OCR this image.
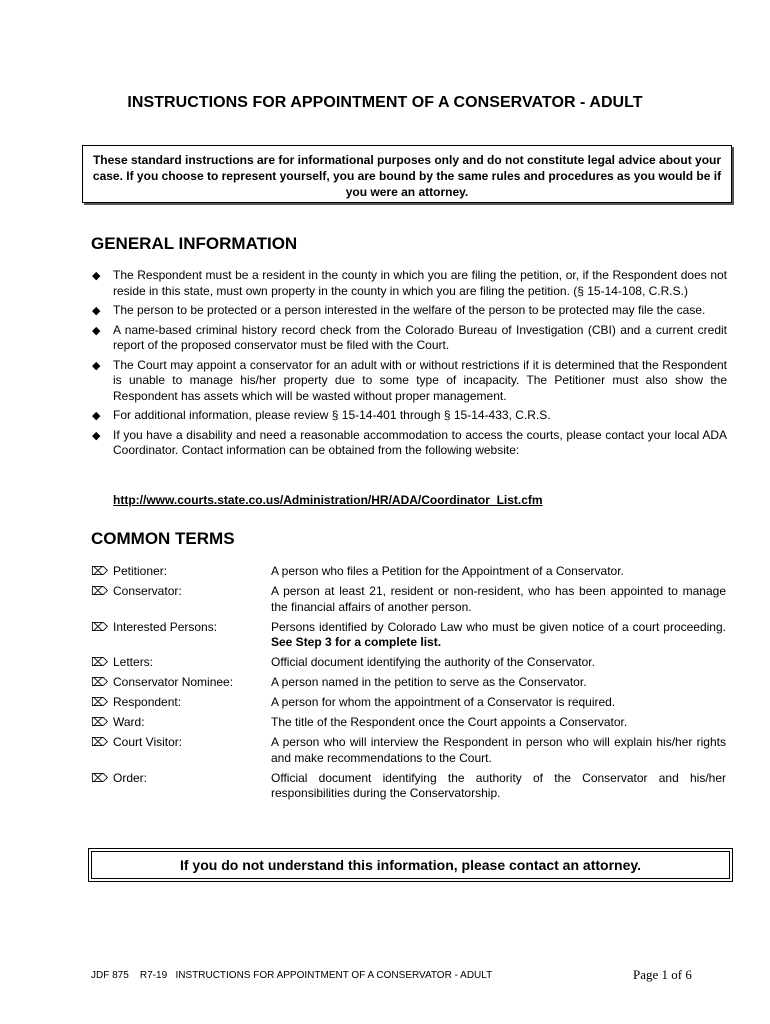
INSTRUCTIONS FOR APPOINTMENT OF A CONSERVATOR - ADULT
These standard instructions are for informational purposes only and do not constitute legal advice about your case. If you choose to represent yourself, you are bound by the same rules and procedures as you would be if you were an attorney.
GENERAL INFORMATION
◆ The Respondent must be a resident in the county in which you are filing the petition, or, if the Respondent does not reside in this state, must own property in the county in which you are filing the petition. (§ 15-14-108, C.R.S.)
◆ The person to be protected or a person interested in the welfare of the person to be protected may file the case.
◆ A name-based criminal history record check from the Colorado Bureau of Investigation (CBI) and a current credit report of the proposed conservator must be filed with the Court.
◆ The Court may appoint a conservator for an adult with or without restrictions if it is determined that the Respondent is unable to manage his/her property due to some type of incapacity. The Petitioner must also show the Respondent has assets which will be wasted without proper management.
◆ For additional information, please review § 15-14-401 through § 15-14-433, C.R.S.
◆ If you have a disability and need a reasonable accommodation to access the courts, please contact your local ADA Coordinator. Contact information can be obtained from the following website:
http://www.courts.state.co.us/Administration/HR/ADA/Coordinator_List.cfm
COMMON TERMS
⌦ Petitioner:	A person who files a Petition for the Appointment of a Conservator.
⌦ Conservator:	A person at least 21, resident or non-resident, who has been appointed to manage the financial affairs of another person.
⌦ Interested Persons:	Persons identified by Colorado Law who must be given notice of a court proceeding. See Step 3 for a complete list.
⌦ Letters:	Official document identifying the authority of the Conservator.
⌦ Conservator Nominee:	A person named in the petition to serve as the Conservator.
⌦ Respondent:	A person for whom the appointment of a Conservator is required.
⌦ Ward:	The title of the Respondent once the Court appoints a Conservator.
⌦ Court Visitor:	A person who will interview the Respondent in person who will explain his/her rights and make recommendations to the Court.
⌦ Order:	Official document identifying the authority of the Conservator and his/her responsibilities during the Conservatorship.
If you do not understand this information, please contact an attorney.
JDF 875    R7-19   INSTRUCTIONS FOR APPOINTMENT OF A CONSERVATOR - ADULT	Page 1 of 6
